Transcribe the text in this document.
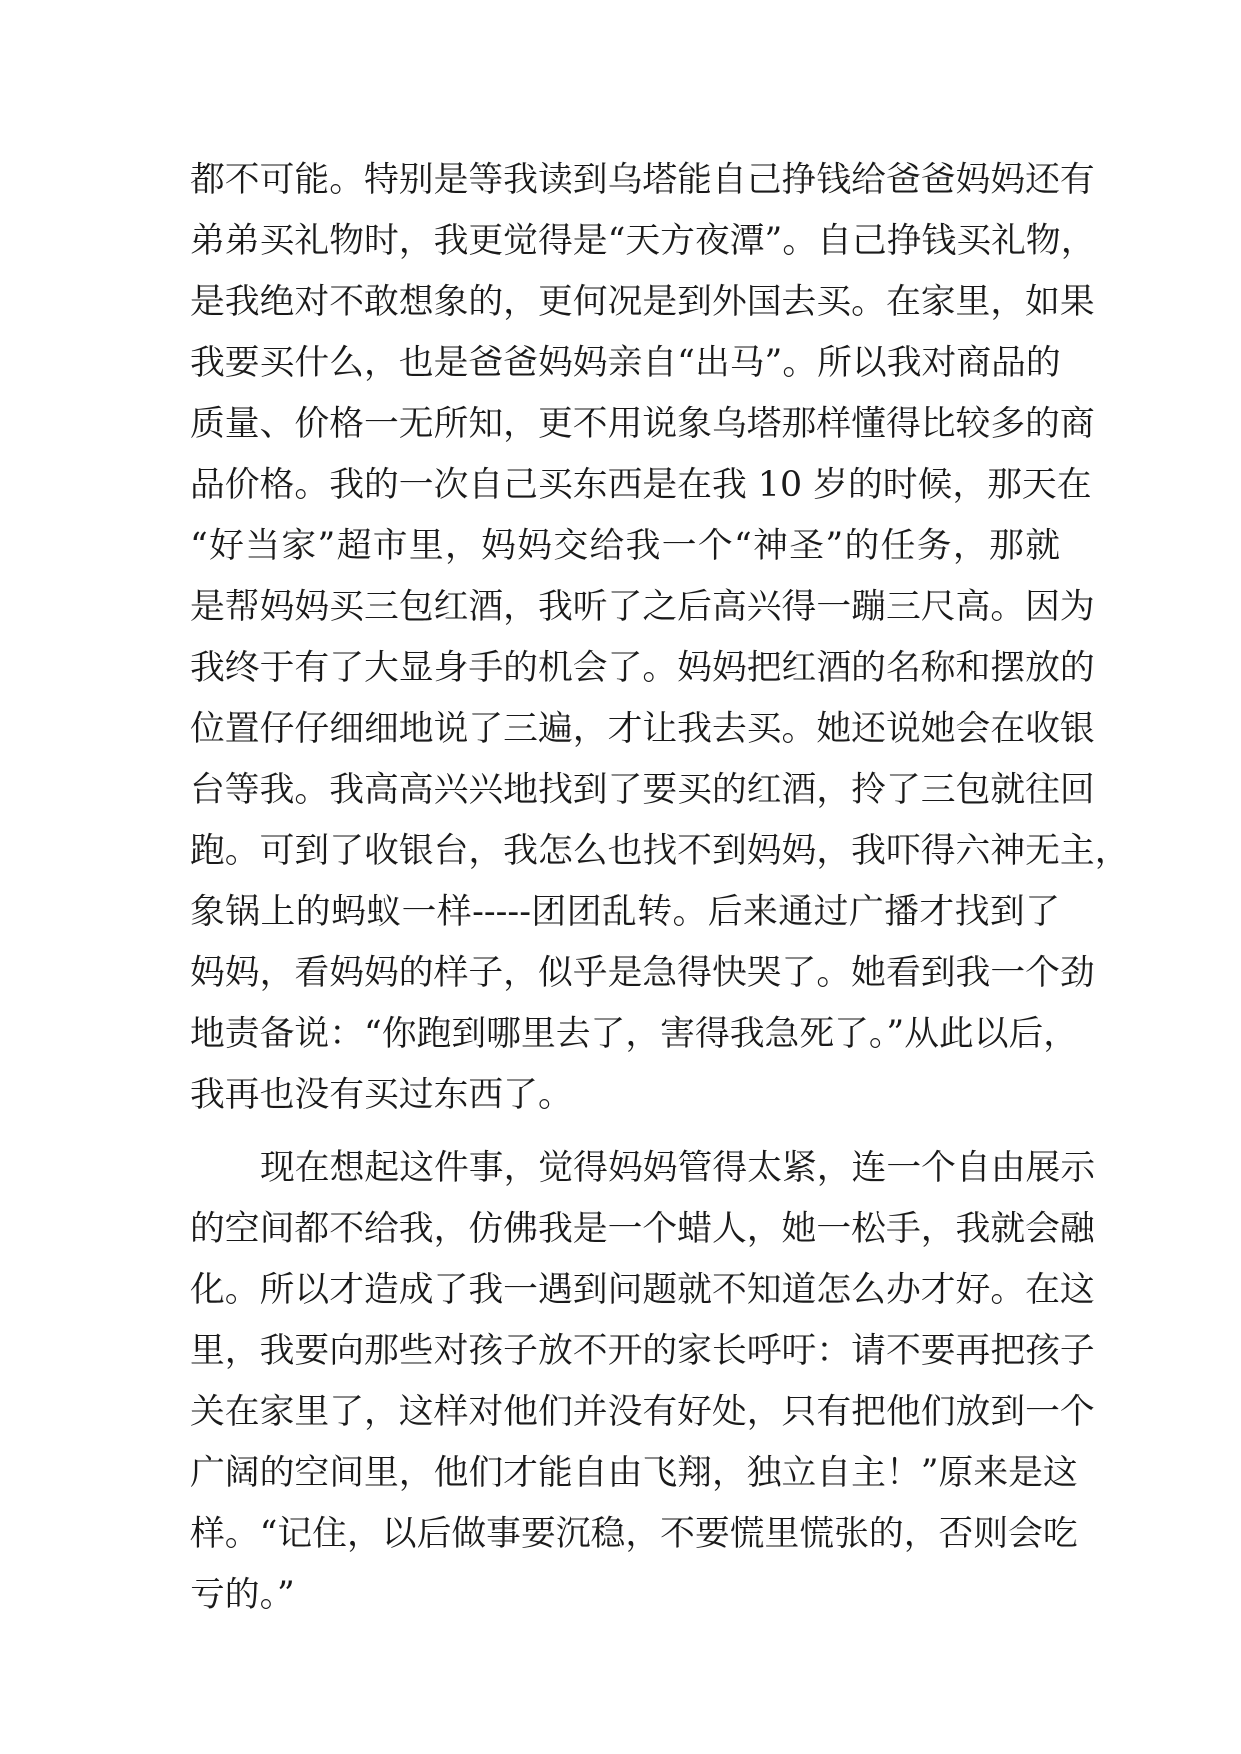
都不可能。特别是等我读到乌塔能自己挣钱给爸爸妈妈还有
弟弟买礼物时，我更觉得是“天方夜潭”。自己挣钱买礼物，
是我绝对不敢想象的，更何况是到外国去买。在家里，如果
我要买什么，也是爸爸妈妈亲自“出马”。所以我对商品的
质量、价格一无所知，更不用说象乌塔那样懂得比较多的商
品价格。我的一次自己买东西是在我 10 岁的时候，那天在
“好当家”超市里，妈妈交给我一个“神圣”的任务，那就
是帮妈妈买三包红酒，我听了之后高兴得一蹦三尺高。因为
我终于有了大显身手的机会了。妈妈把红酒的名称和摆放的
位置仔仔细细地说了三遍，才让我去买。她还说她会在收银
台等我。我高高兴兴地找到了要买的红酒，拎了三包就往回
跑。可到了收银台，我怎么也找不到妈妈，我吓得六神无主，
象锅上的蚂蚁一样-----团团乱转。后来通过广播才找到了
妈妈，看妈妈的样子，似乎是急得快哭了。她看到我一个劲
地责备说：“你跑到哪里去了，害得我急死了。”从此以后，
我再也没有买过东西了。
现在想起这件事，觉得妈妈管得太紧，连一个自由展示
的空间都不给我，仿佛我是一个蜡人，她一松手，我就会融
化。所以才造成了我一遇到问题就不知道怎么办才好。在这
里，我要向那些对孩子放不开的家长呼吁：请不要再把孩子
关在家里了，这样对他们并没有好处，只有把他们放到一个
广阔的空间里，他们才能自由飞翔，独立自主！”原来是这
样。“记住，以后做事要沉稳，不要慌里慌张的，否则会吃
亏的。”
